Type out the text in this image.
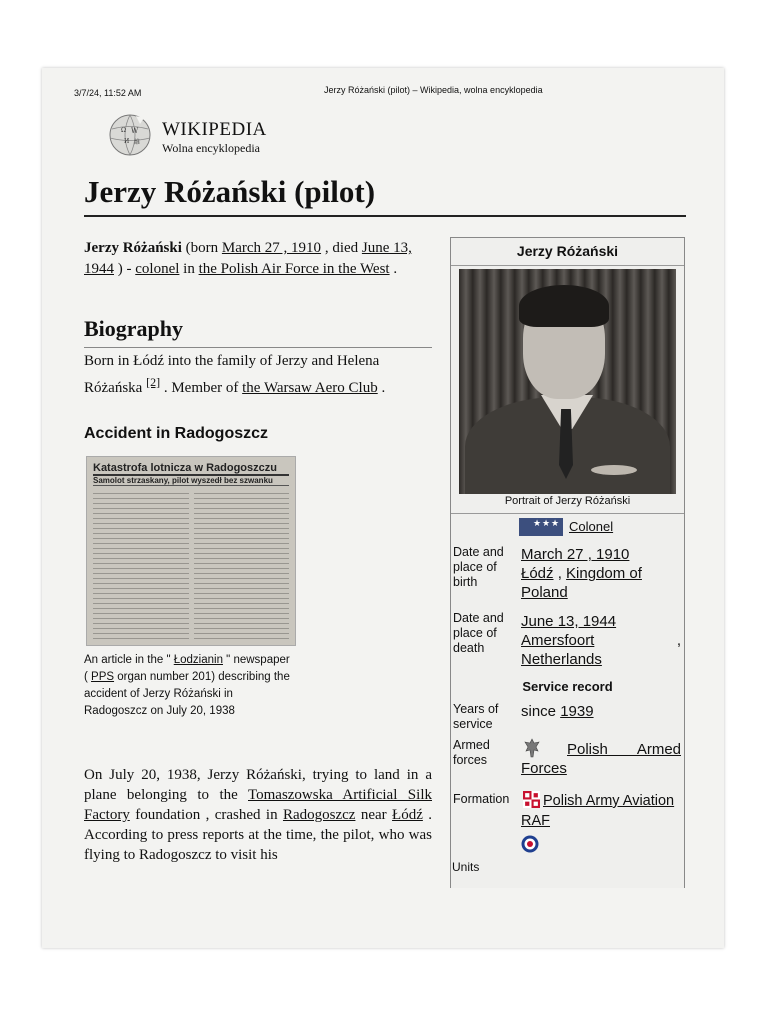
3/7/24, 11:52 AM	Jerzy Różański (pilot) – Wikipedia, wolna encyklopedia
Ω W
И 維
WIKIPEDIA
Wolna encyklopedia
Jerzy Różański (pilot)

Jerzy Różański (born March 27 , 1910 , died June 13, 1944 ) - colonel in the Polish Air Force in the West .

Biography

Born in Łódź into the family of Jerzy and Helena Różańska [2] . Member of the Warsaw Aero Club .

Accident in Radogoszcz
Katastrofa lotnicza w Radogoszczu
Samolot strzaskany, pilot wyszedł bez szwanku
An article in the " Łodzianin " newspaper ( PPS organ number 201) describing the accident of Jerzy Różański in Radogoszcz on July 20, 1938

On July 20, 1938, Jerzy Różański, trying to land in a plane belonging to the Tomaszowska Artificial Silk Factory foundation , crashed in Radogoszcz near Łódź . According to press reports at the time, the pilot, who was flying to Radogoszcz to visit his

Jerzy Różański
Portrait of Jerzy Różański
★ ★ ★ Colonel
Date and place of birth
March 27 , 1910
Łódź , Kingdom of Poland
Date and place of death
June 13, 1944
Amersfoort	,

Netherlands
Service record
Years of service
since 1939
Armed forces
Polish Armed Forces
Formation Polish Army Aviation
RAF
Units
